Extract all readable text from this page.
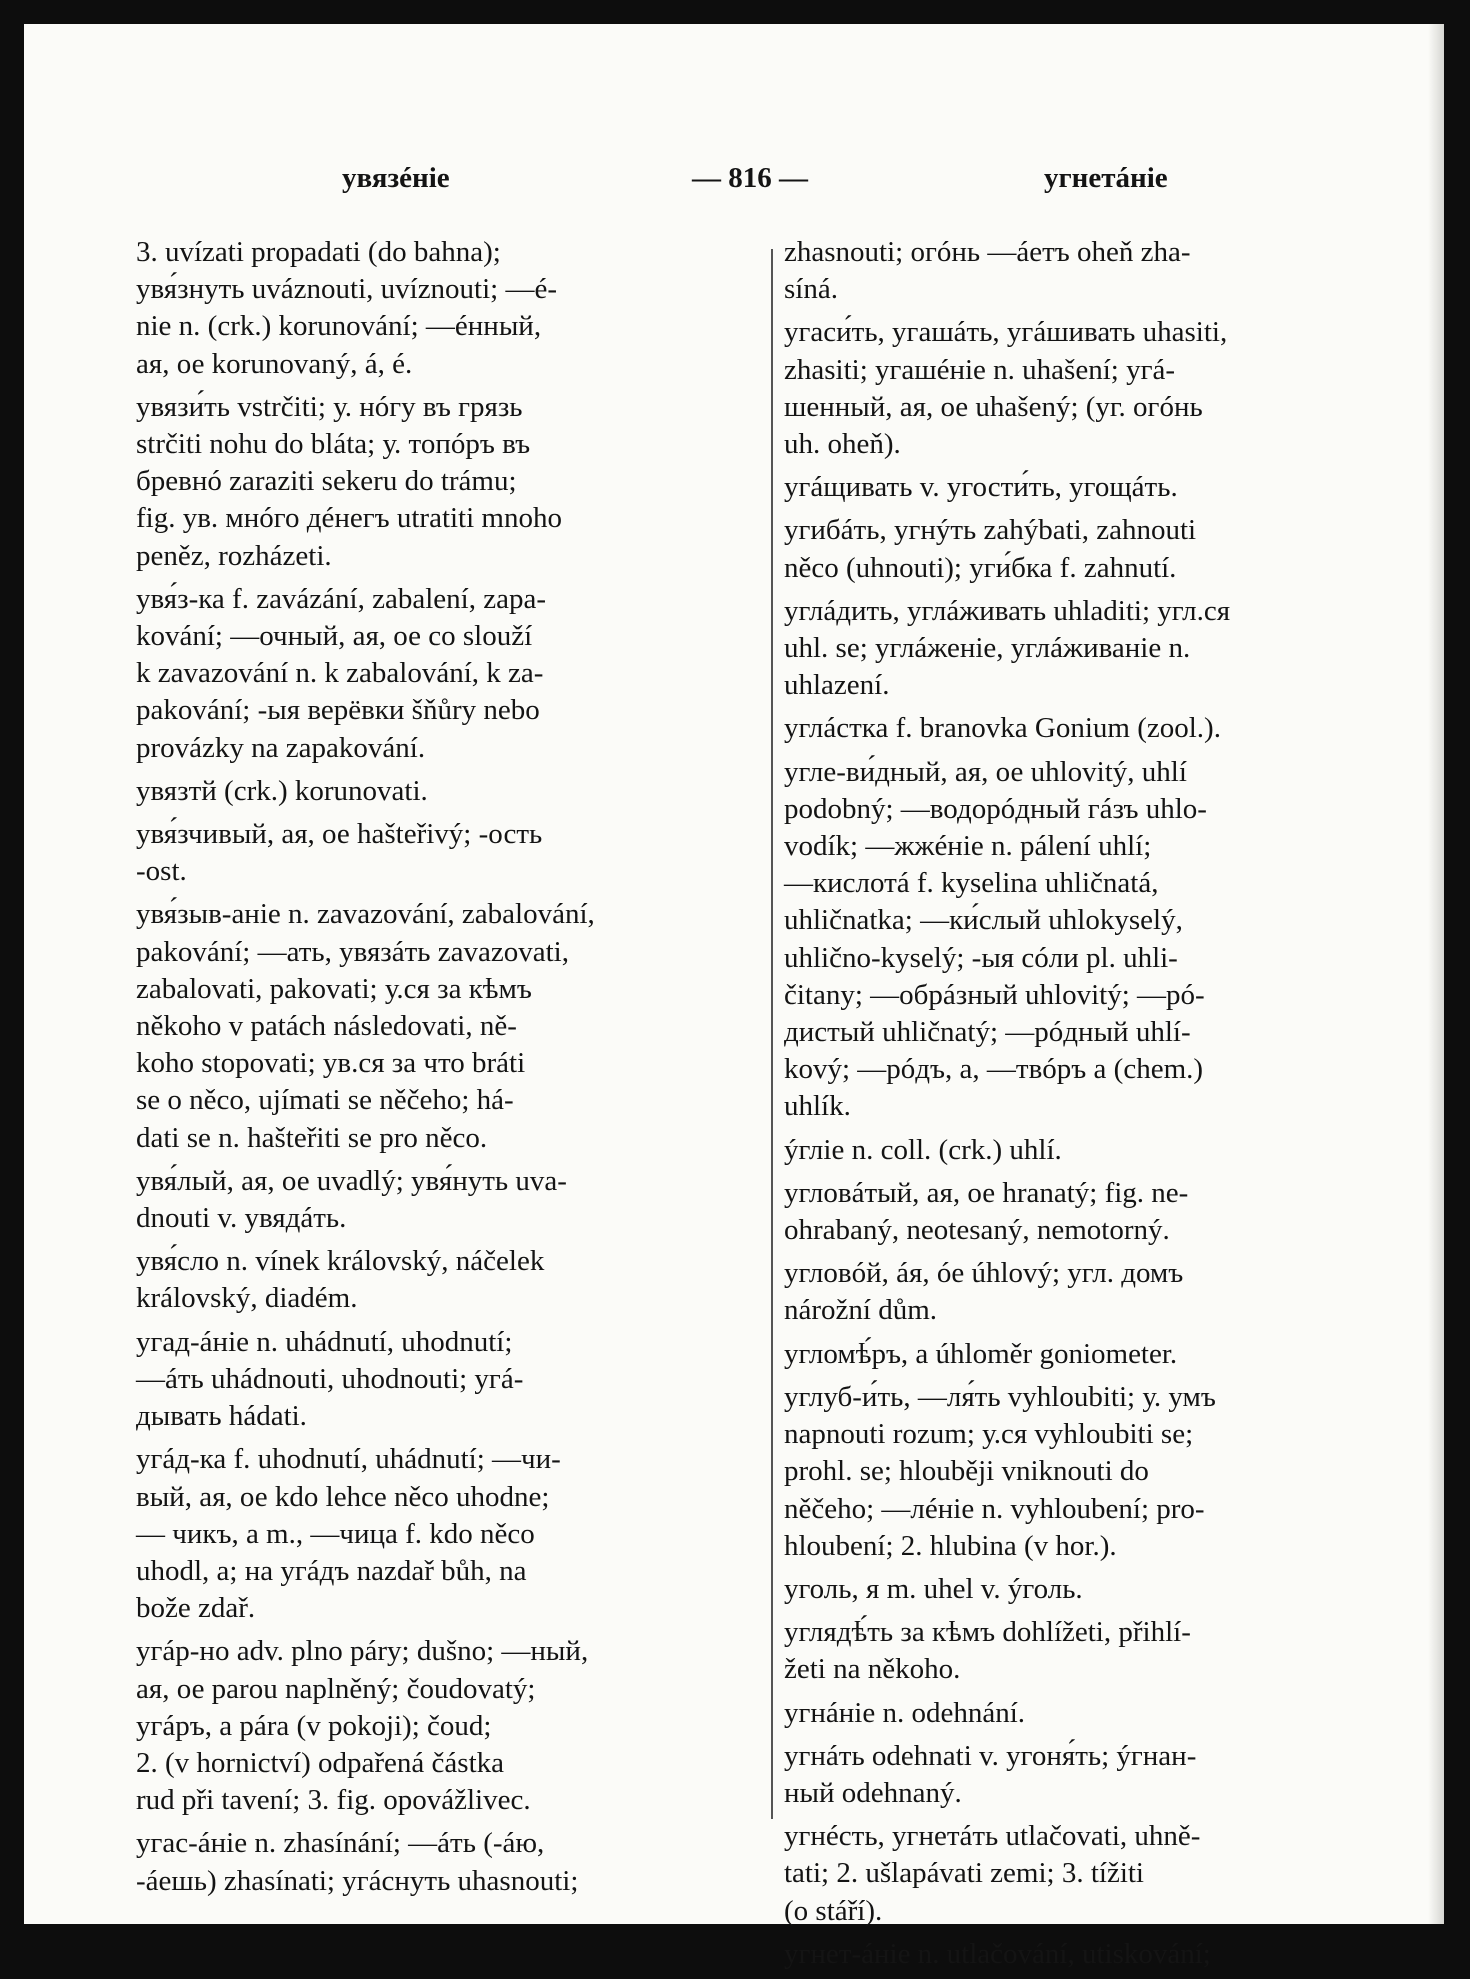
увязéніе	— 816 —	угнетáніе
3. uvízati propadati (do bahna);
увя́знуть uváznouti, uvíznouti; —é-
nie n. (crk.) korunování; —éнный,
ая, ое korunovaný, á, é.
увязи́ть vstrčiti; у. нóгу въ грязь
strčiti nohu do bláta; у. топóръ въ
бревнó zaraziti sekeru do trámu;
fig. ув. мнóго дéнегъ utratiti mnoho
peněz, rozházeti.
увя́з-ка f. zavázání, zabalení, zapa-
kování; —очный, ая, ое co slouží
k zavazování n. k zabalování, k za-
pakování; -ыя верёвки šňůry nebo
provázky na zapakování.
увязтй (crk.) korunovati.
увя́зчивый, ая, ое hašteřivý; -ость
-ost.
увя́зыв-аніе n. zavazování, zabalování,
pakování; —ать, увязáть zavazovati,
zabalovati, pakovati; у.ся за кѣмъ
někoho v patách následovati, ně-
koho stopovati; ув.ся за что bráti
se o něco, ujímati se něčeho; há-
dati se n. hašteřiti se pro něco.
увя́лый, ая, ое uvadlý; увя́нуть uva-
dnouti v. увядáть.
увя́сло n. vínek královský, náčelek
královský, diadém.
угад-áніе n. uhádnutí, uhodnutí;
—áть uhádnouti, uhodnouti; угá-
дывать hádati.
угáд-ка f. uhodnutí, uhádnutí; —чи-
вый, ая, ое kdo lehce něco uhodne;
— чикъ, а m., —чица f. kdo něco
uhodl, a; на угáдъ nazdař bůh, na
bože zdař.
угáр-но adv. plno páry; dušno; —ный,
ая, ое parou naplněný; čoudovatý;
угáръ, а pára (v pokoji); čoud;
2. (v hornictví) odpařená částka
rud při tavení; 3. fig. opovážlivec.
угас-áніе n. zhasínání; —áть (-áю,
-áешь) zhasínati; угáснуть uhasnouti;
zhasnouti; огóнь —áетъ oheň zha-
síná.
угаси́ть, угашáть, угáшивать uhasiti,
zhasiti; угашéніе n. uhašení; угá-
шенный, ая, ое uhašený; (уг. огóнь
uh. oheň).
угáщивать v. угости́ть, угощáть.
угибáть, угнýть zahýbati, zahnouti
něco (uhnouti); уги́бка f. zahnutí.
углáдить, углáживать uhladiti; угл.ся
uhl. se; углáженіе, углáживаніе n.
uhlazení.
углáстка f. branovka Gonium (zool.).
угле-ви́дный, ая, ое uhlovitý, uhlí
podobný; —водорóдный гáзъ uhlo-
vodík; —жжéніе n. pálení uhlí;
—кислотá f. kyselina uhličnatá,
uhličnatka; —ки́слый uhlokyselý,
uhlično-kyselý; -ыя сóли pl. uhli-
čitany; —обрáзный uhlovitý; —рó-
дистый uhličnatý; —рóдный uhlí-
kový; —рóдъ, а, —твóръ a (chem.)
uhlík.
ýгліе n. coll. (crk.) uhlí.
угловáтый, ая, ое hranatý; fig. ne-
ohrabaný, neotesaný, nemotorný.
угловóй, áя, óе úhlový; угл. домъ
nárožní dům.
угломѣ́ръ, а úhloměr goniometer.
углуб-и́ть, —ля́ть vyhloubiti; у. умъ
napnouti rozum; у.ся vyhloubiti se;
prohl. se; hlouběji vniknouti do
něčeho; —лéніе n. vyhloubení; pro-
hloubení; 2. hlubina (v hor.).
уголь, я m. uhel v. ýголь.
углядѣ́ть за кѣмъ dohlížeti, přihlí-
žeti na někoho.
угнáніе n. odehnání.
угнáть odehnati v. угоня́ть; ýгнан-
ный odehnaný.
угнéсть, угнетáть utlačovati, uhně-
tati; 2. ušlapávati zemi; 3. tížiti
(o stáří).
угнет-áніе n. utlačování, utiskování;
